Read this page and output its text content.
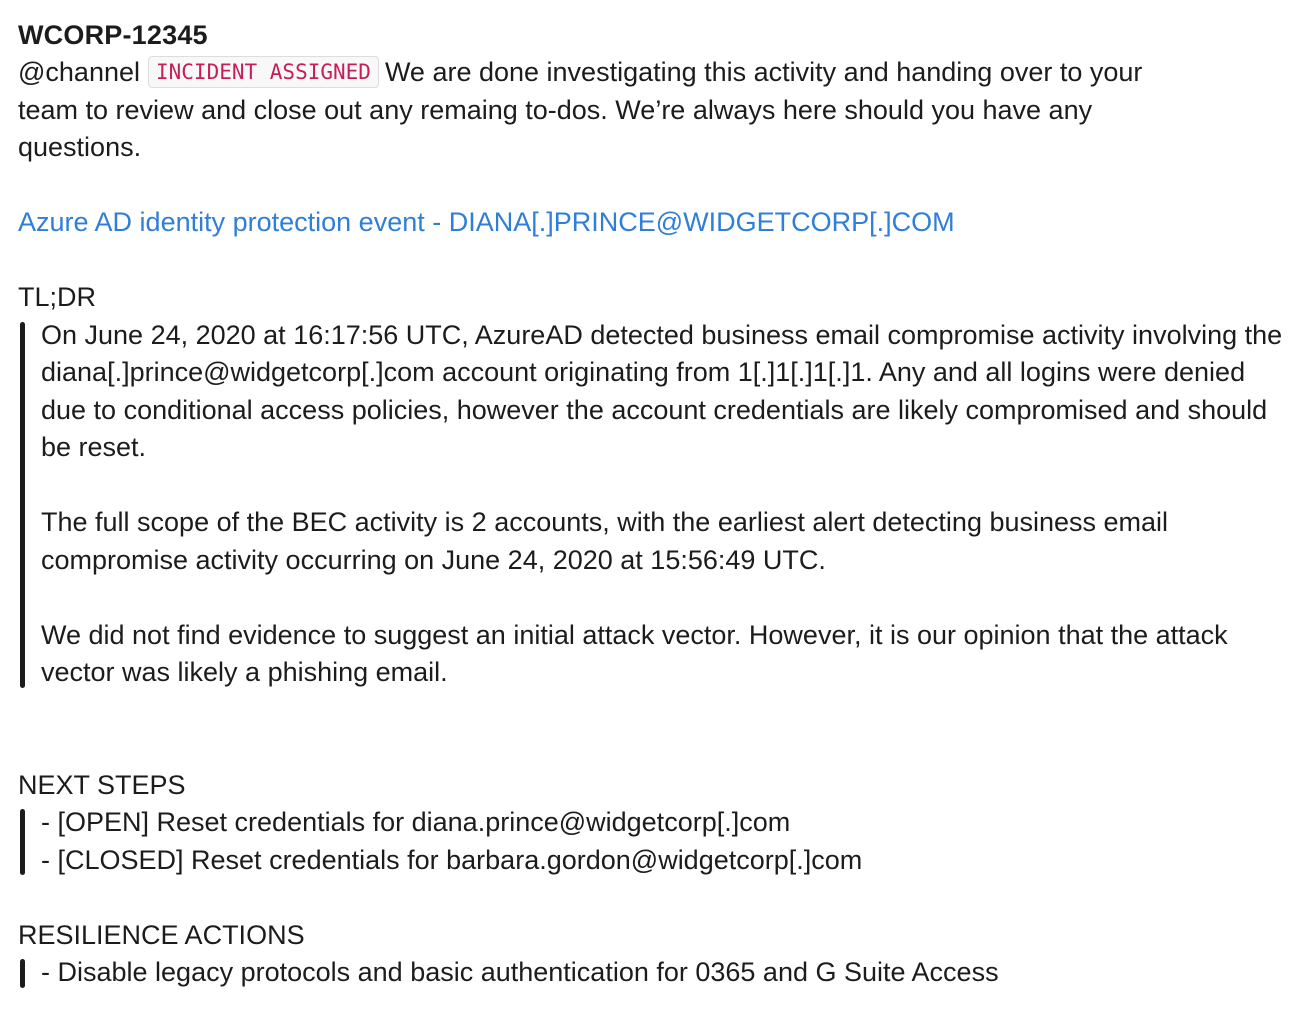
WCORP-12345
@channel INCIDENT ASSIGNED We are done investigating this activity and handing over to your team to review and close out any remaing to-dos. We’re always here should you have any questions.
Azure AD identity protection event - DIANA[.]PRINCE@WIDGETCORP[.]COM
TL;DR

On June 24, 2020 at 16:17:56 UTC, AzureAD detected business email compromise activity involving the diana[.]prince@widgetcorp[.]com account originating from 1[.]1[.]1[.]1. Any and all logins were denied due to conditional access policies, however the account credentials are likely compromised and should be reset.

The full scope of the BEC activity is 2 accounts, with the earliest alert detecting business email compromise activity occurring on June 24, 2020 at 15:56:49 UTC.

We did not find evidence to suggest an initial attack vector. However, it is our opinion that the attack vector was likely a phishing email.

NEXT STEPS

- [OPEN] Reset credentials for diana.prince@widgetcorp[.]com

- [CLOSED] Reset credentials for barbara.gordon@widgetcorp[.]com

RESILIENCE ACTIONS

- Disable legacy protocols and basic authentication for 0365 and G Suite Access
